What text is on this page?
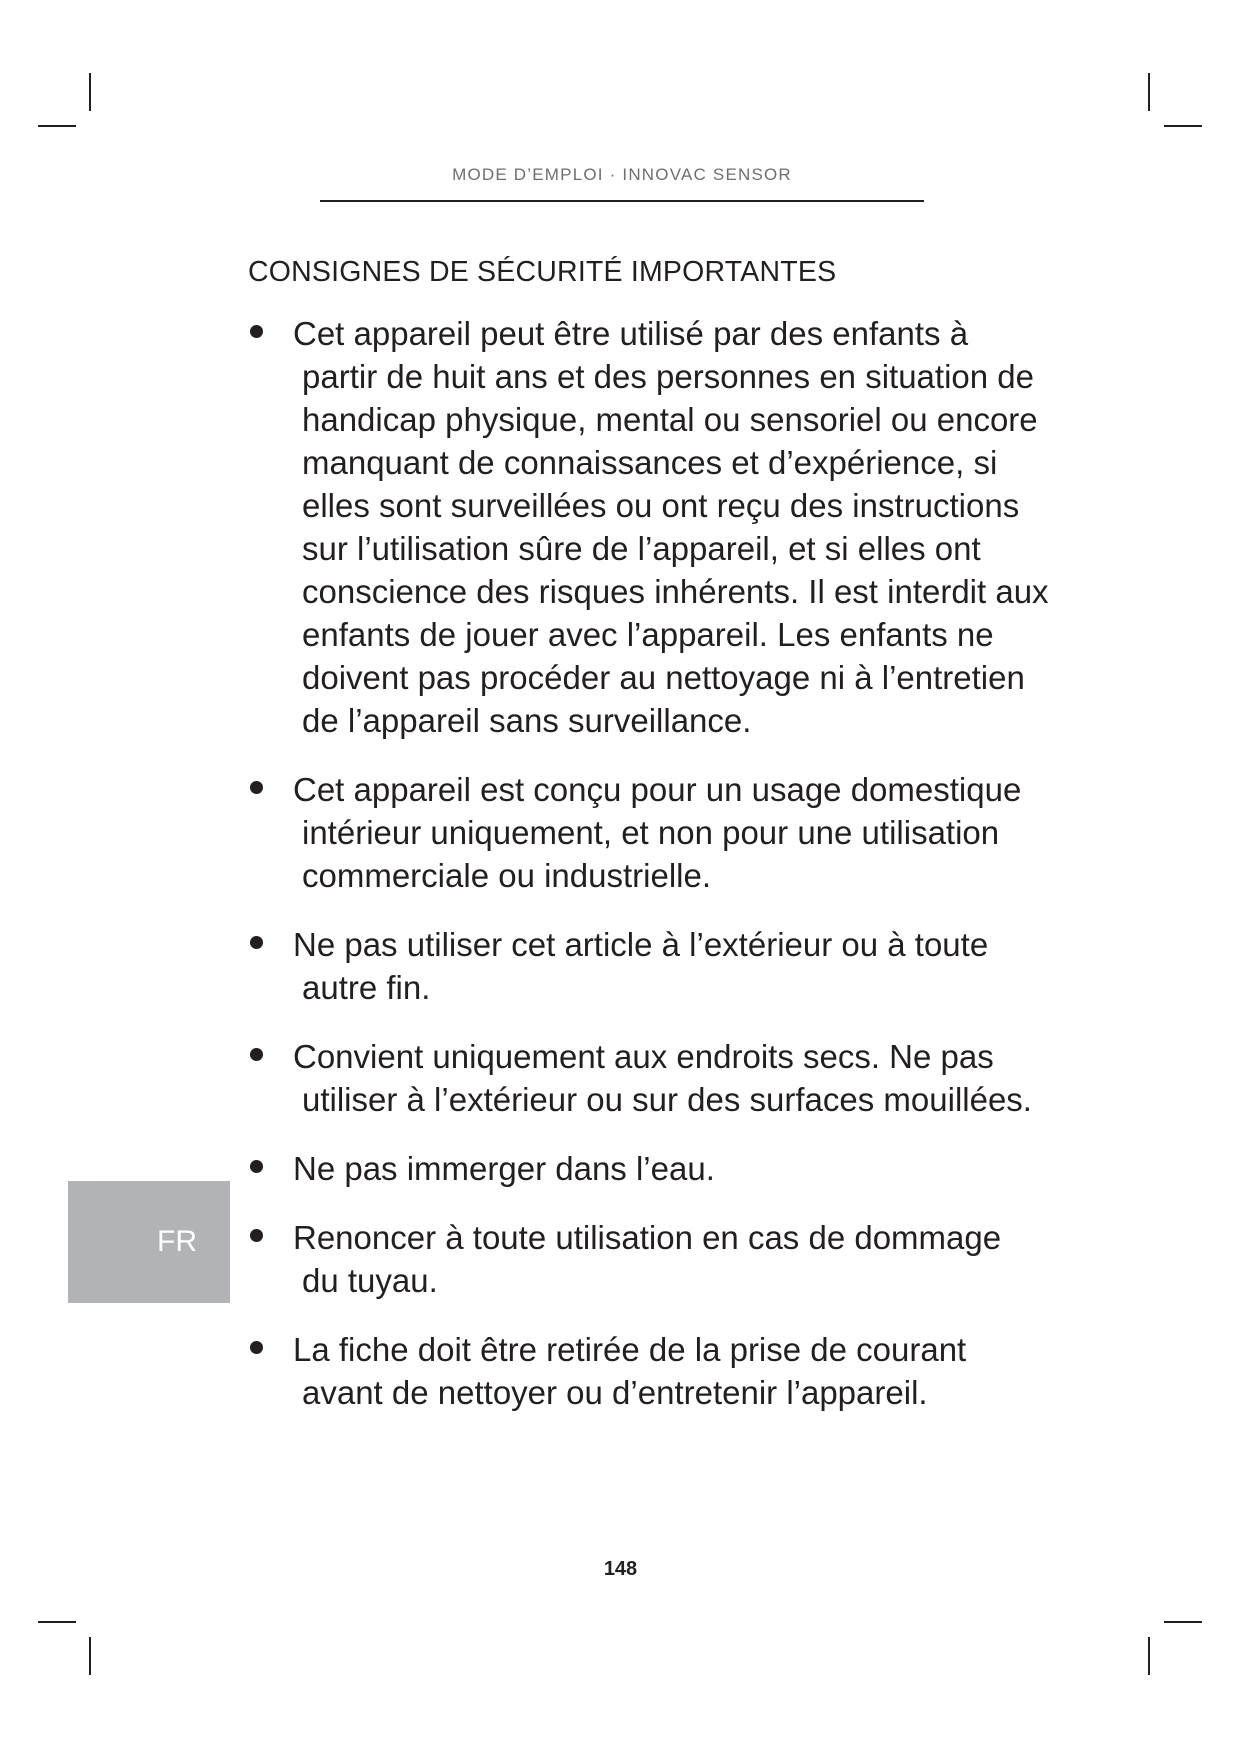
MODE D’EMPLOI · INNOVAC SENSOR
CONSIGNES DE SÉCURITÉ IMPORTANTES
Cet appareil peut être utilisé par des enfants à
partir de huit ans et des personnes en situation de
handicap physique, mental ou sensoriel ou encore
manquant de connaissances et d’expérience, si
elles sont surveillées ou ont reçu des instructions
sur l’utilisation sûre de l’appareil, et si elles ont
conscience des risques inhérents. Il est interdit aux
enfants de jouer avec l’appareil. Les enfants ne
doivent pas procéder au nettoyage ni à l’entretien
de l’appareil sans surveillance.
Cet appareil est conçu pour un usage domestique
intérieur uniquement, et non pour une utilisation
commerciale ou industrielle.
Ne pas utiliser cet article à l’extérieur ou à toute
autre fin.
Convient uniquement aux endroits secs. Ne pas
utiliser à l’extérieur ou sur des surfaces mouillées.
Ne pas immerger dans l’eau.
Renoncer à toute utilisation en cas de dommage
du tuyau.
La fiche doit être retirée de la prise de courant
avant de nettoyer ou d’entretenir l’appareil.
FR
148
